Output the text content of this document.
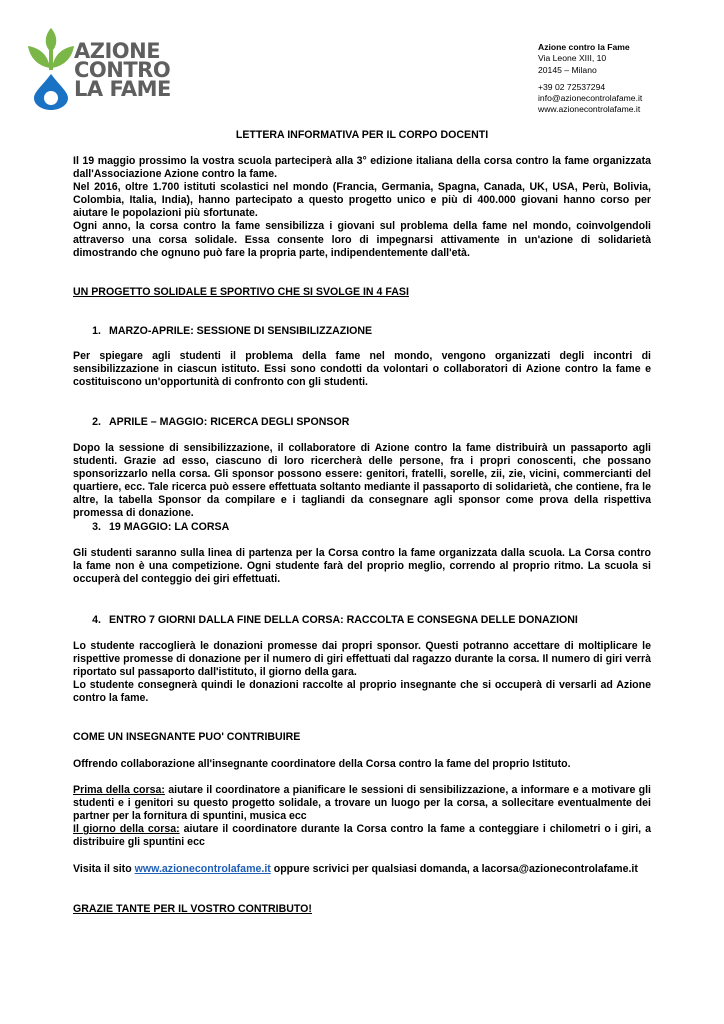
AZIONE
CONTRO
LA FAME
Azione contro la Fame
Via Leone XIII, 10
20145 – Milano
+39 02 72537294
info@azionecontrolafame.it
www.azionecontrolafame.it
LETTERA INFORMATIVA PER IL CORPO DOCENTI

Il 19 maggio prossimo la vostra scuola parteciperà alla 3° edizione italiana della corsa contro la fame organizzata dall'Associazione Azione contro la fame.

Nel 2016, oltre 1.700 istituti scolastici nel mondo (Francia, Germania, Spagna, Canada, UK, USA, Perù, Bolivia, Colombia, Italia, India), hanno partecipato a questo progetto unico e più di 400.000 giovani hanno corso per aiutare le popolazioni più sfortunate.

Ogni anno, la corsa contro la fame sensibilizza i giovani sul problema della fame nel mondo, coinvolgendoli attraverso una corsa solidale. Essa consente loro di impegnarsi attivamente in un'azione di solidarietà dimostrando che ognuno può fare la propria parte, indipendentemente dall'età.

UN PROGETTO SOLIDALE E SPORTIVO CHE SI SVOLGE IN 4 FASI
1. MARZO-APRILE: SESSIONE DI SENSIBILIZZAZIONE

Per spiegare agli studenti il problema della fame nel mondo, vengono organizzati degli incontri di sensibilizzazione in ciascun istituto. Essi sono condotti da volontari o collaboratori di Azione contro la fame e costituiscono un'opportunità di confronto con gli studenti.

2. APRILE – MAGGIO: RICERCA DEGLI SPONSOR

Dopo la sessione di sensibilizzazione, il collaboratore di Azione contro la fame distribuirà un passaporto agli studenti. Grazie ad esso, ciascuno di loro ricercherà delle persone, fra i propri conoscenti, che possano sponsorizzarlo nella corsa. Gli sponsor possono essere: genitori, fratelli, sorelle, zii, zie, vicini, commercianti del quartiere, ecc. Tale ricerca può essere effettuata soltanto mediante il passaporto di solidarietà, che contiene, fra le altre, la tabella Sponsor da compilare e i tagliandi da consegnare agli sponsor come prova della rispettiva promessa di donazione.

3. 19 MAGGIO: LA CORSA

Gli studenti saranno sulla linea di partenza per la Corsa contro la fame organizzata dalla scuola. La Corsa contro la fame non è una competizione. Ogni studente farà del proprio meglio, correndo al proprio ritmo. La scuola si occuperà del conteggio dei giri effettuati.

4. ENTRO 7 GIORNI DALLA FINE DELLA CORSA: RACCOLTA E CONSEGNA DELLE DONAZIONI

Lo studente raccoglierà le donazioni promesse dai propri sponsor. Questi potranno accettare di moltiplicare le rispettive promesse di donazione per il numero di giri effettuati dal ragazzo durante la corsa. Il numero di giri verrà riportato sul passaporto dall'istituto, il giorno della gara.

Lo studente consegnerà quindi le donazioni raccolte al proprio insegnante che si occuperà di versarli ad Azione contro la fame.

COME UN INSEGNANTE PUO' CONTRIBUIRE
Offrendo collaborazione all'insegnante coordinatore della Corsa contro la fame del proprio Istituto.

Prima della corsa: aiutare il coordinatore a pianificare le sessioni di sensibilizzazione, a informare e a motivare gli studenti e i genitori su questo progetto solidale, a trovare un luogo per la corsa, a sollecitare eventualmente dei partner per la fornitura di spuntini, musica ecc

Il giorno della corsa: aiutare il coordinatore durante la Corsa contro la fame a conteggiare i chilometri o i giri, a distribuire gli spuntini ecc

Visita il sito www.azionecontrolafame.it oppure scrivici per qualsiasi domanda, a lacorsa@azionecontrolafame.it

GRAZIE TANTE PER IL VOSTRO CONTRIBUTO!
